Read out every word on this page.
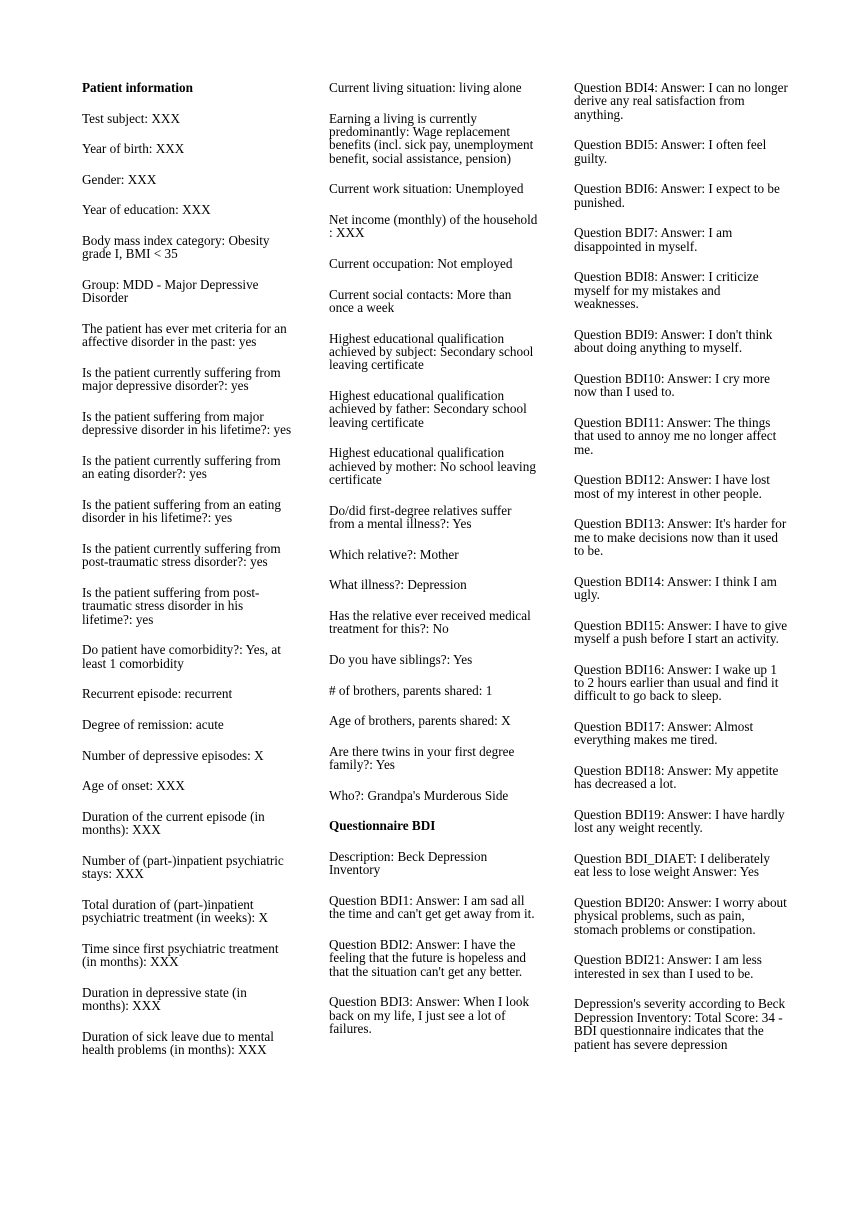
Patient information
Test subject: XXX
Year of birth: XXX
Gender: XXX
Year of education: XXX
Body mass index category: Obesity grade I, BMI < 35
Group: MDD - Major Depressive Disorder
The patient has ever met criteria for an affective disorder in the past: yes
Is the patient currently suffering from major depressive disorder?: yes
Is the patient suffering from major depressive disorder in his lifetime?: yes
Is the patient currently suffering from an eating disorder?: yes
Is the patient suffering from an eating disorder in his lifetime?: yes
Is the patient currently suffering from post-traumatic stress disorder?: yes
Is the patient suffering from post-traumatic stress disorder in his lifetime?: yes
Do patient have comorbidity?: Yes, at least 1 comorbidity
Recurrent episode: recurrent
Degree of remission: acute
Number of depressive episodes: X
Age of onset: XXX
Duration of the current episode (in months): XXX
Number of (part-)inpatient psychiatric stays: XXX
Total duration of (part-)inpatient psychiatric treatment (in weeks): X
Time since first psychiatric treatment (in months): XXX
Duration in depressive state (in months): XXX
Duration of sick leave due to mental health problems (in months): XXX
Current living situation: living alone
Earning a living is currently predominantly: Wage replacement benefits (incl. sick pay, unemployment benefit, social assistance, pension)
Current work situation: Unemployed
Net income (monthly) of the household : XXX
Current occupation: Not employed
Current social contacts: More than once a week
Highest educational qualification achieved by subject: Secondary school leaving certificate
Highest educational qualification achieved by father: Secondary school leaving certificate
Highest educational qualification achieved by mother: No school leaving certificate
Do/did first-degree relatives suffer from a mental illness?: Yes
Which relative?: Mother
What illness?: Depression
Has the relative ever received medical treatment for this?: No
Do you have siblings?: Yes
# of brothers, parents shared: 1
Age of brothers, parents shared: X
Are there twins in your first degree family?: Yes
Who?: Grandpa's Murderous Side
Questionnaire BDI
Description: Beck Depression Inventory
Question BDI1: Answer: I am sad all the time and can't get get away from it.
Question BDI2: Answer: I have the feeling that the future is hopeless and that the situation can't get any better.
Question BDI3: Answer: When I look back on my life, I just see a lot of failures.
Question BDI4: Answer: I can no longer derive any real satisfaction from anything.
Question BDI5: Answer: I often feel guilty.
Question BDI6: Answer: I expect to be punished.
Question BDI7: Answer: I am disappointed in myself.
Question BDI8: Answer: I criticize myself for my mistakes and weaknesses.
Question BDI9: Answer: I don't think about doing anything to myself.
Question BDI10: Answer: I cry more now than I used to.
Question BDI11: Answer: The things that used to annoy me no longer affect me.
Question BDI12: Answer: I have lost most of my interest in other people.
Question BDI13: Answer: It's harder for me to make decisions now than it used to be.
Question BDI14: Answer: I think I am ugly.
Question BDI15: Answer: I have to give myself a push before I start an activity.
Question BDI16: Answer: I wake up 1 to 2 hours earlier than usual and find it difficult to go back to sleep.
Question BDI17: Answer: Almost everything makes me tired.
Question BDI18: Answer: My appetite has decreased a lot.
Question BDI19: Answer: I have hardly lost any weight recently.
Question BDI_DIAET: I deliberately eat less to lose weight Answer: Yes
Question BDI20: Answer: I worry about physical problems, such as pain, stomach problems or constipation.
Question BDI21: Answer: I am less interested in sex than I used to be.
Depression's severity according to Beck Depression Inventory: Total Score: 34 - BDI questionnaire indicates that the patient has severe depression
